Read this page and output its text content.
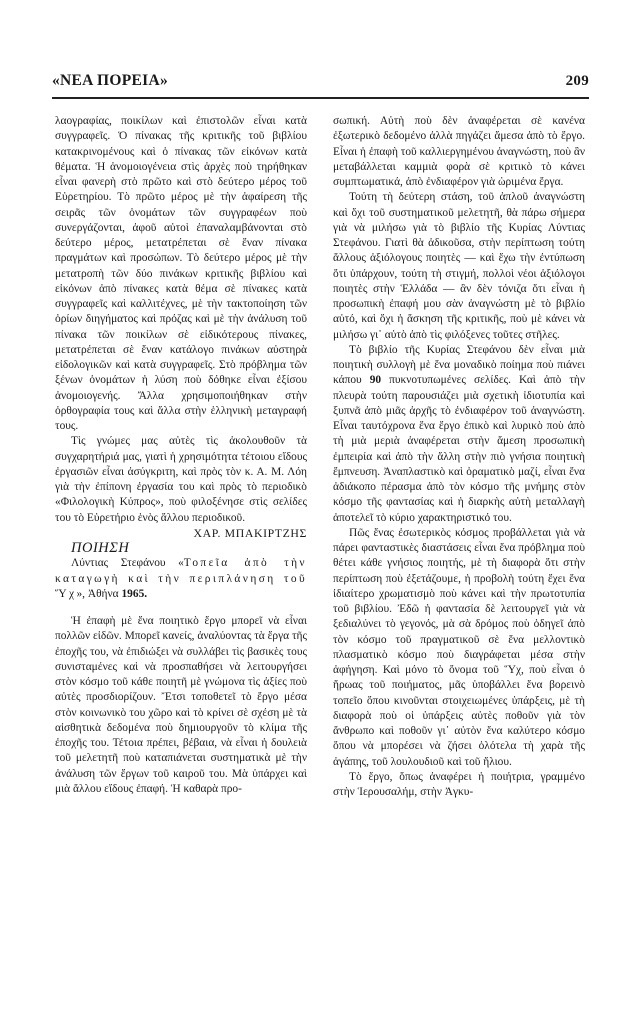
«ΝΕΑ ΠΟΡΕΙΑ»	209

λαογραφίας, ποικίλων καὶ ἐπιστολῶν εἶναι κατὰ συγγραφεῖς. Ὁ πίνακας τῆς κριτικῆς τοῦ βιβλίου κατακρινομένους καὶ ὁ πίνακας τῶν εἰκόνων κατὰ θέματα. Ἡ ἀνομοιογένεια στὶς ἀρχὲς ποὺ τηρήθηκαν εἶναι φανερὴ στὸ πρῶτο καὶ στὸ δεύτερο μέρος τοῦ Εὑρετηρίου. Τὸ πρῶτο μέρος μὲ τὴν ἀφαίρεση τῆς σειρᾶς τῶν ὀνομάτων τῶν συγγραφέων ποὺ συνεργάζονται, ἀφοῦ αὐτοὶ ἐπαναλαμβάνονται στὸ δεύτερο μέρος, μετατρέπεται σὲ ἕναν πίνακα πραγμάτων καὶ προσώπων. Τὸ δεύτερο μέρος μὲ τὴν μετατροπὴ τῶν δύο πινάκων κριτικῆς βιβλίου καὶ εἰκόνων ἀπὸ πίνακες κατὰ θέμα σὲ πίνακες κατὰ συγγραφεῖς καὶ καλλιτέχνες, μὲ τὴν τακτοποίηση τῶν ὁρίων διηγήματος καὶ πρόζας καὶ μὲ τὴν ἀνάλυση τοῦ πίνακα τῶν ποικίλων σὲ εἰδικότερους πίνακες, μετατρέπεται σὲ ἕναν κατάλογο πινάκων αὐστηρὰ εἰδολογικῶν καὶ κατὰ συγγραφεῖς. Στὸ πρόβλημα τῶν ξένων ὀνομάτων ἡ λύση ποὺ δόθηκε εἶναι ἐξίσου ἀνομοιογενής. Ἄλλα χρησιμοποιήθηκαν στὴν ὀρθογραφία τους καὶ ἄλλα στὴν ἑλληνικὴ μεταγραφή τους.

Τὶς γνώμες μας αὐτὲς τὶς ἀκολουθοῦν τὰ συγχαρητήριά μας, γιατὶ ἡ χρησιμότητα τέτοιου εἴδους ἐργασιῶν εἶναι ἀσύγκριτη, καὶ πρὸς τὸν κ. Α. Μ. Λόη γιὰ τὴν ἐπίπονη ἐργασία του καὶ πρὸς τὸ περιοδικὸ «Φιλολογικὴ Κύπρος», ποὺ φιλοξένησε στὶς σελίδες του τὸ Εὑρετήριο ἑνὸς ἄλλου περιοδικοῦ.

ΧΑΡ. ΜΠΑΚΙΡΤΖΗΣ

ΠΟΙΗΣΗ

Λύντιας Στεφάνου «Τοπεῖα ἀπὸ τὴν καταγωγὴ καὶ τὴν περιπλάνηση τοῦ Ὕχ», Ἀθήνα 1965.

Ἡ ἐπαφὴ μὲ ἕνα ποιητικὸ ἔργο μπορεῖ νὰ εἶναι πολλῶν εἰδῶν. Μπορεῖ κανείς, ἀναλύοντας τὰ ἔργα τῆς ἐποχῆς του, νὰ ἐπιδιώξει νὰ συλλάβει τὶς βασικὲς τους συνισταμένες καὶ νὰ προσπαθήσει νὰ λειτουργήσει στὸν κόσμο τοῦ κάθε ποιητῆ μὲ γνώμονα τὶς ἀξίες ποὺ αὐτὲς προσδιορίζουν. Ἔτσι τοποθετεῖ τὸ ἔργο μέσα στὸν κοινωνικὸ του χῶρο καὶ τὸ κρίνει σὲ σχέση μὲ τὰ αἰσθητικὰ δεδομένα ποὺ δημιουργοῦν τὸ κλίμα τῆς ἐποχῆς του. Τέτοια πρέπει, βέβαια, νὰ εἶναι ἡ δουλειὰ τοῦ μελετητῆ ποὺ καταπιάνεται συστηματικὰ μὲ τὴν ἀνάλυση τῶν ἔργων τοῦ καιροῦ του. Μὰ ὑπάρχει καὶ μιὰ ἄλλου εἴδους ἐπαφή. Ἡ καθαρὰ προ-

σωπική. Αὐτὴ ποὺ δὲν ἀναφέρεται σὲ κανένα ἐξωτερικὸ δεδομένο ἀλλὰ πηγάζει ἄμεσα ἀπὸ τὸ ἔργο. Εἶναι ἡ ἐπαφὴ τοῦ καλλιεργημένου ἀναγνώστη, ποὺ ἂν μεταβάλλεται καμμιὰ φορὰ σὲ κριτικὸ τὸ κάνει συμπτωματικά, ἀπὸ ἐνδιαφέρον γιὰ ὡριμένα ἔργα.

Τούτη τὴ δεύτερη στάση, τοῦ ἁπλοῦ ἀναγνώστη καὶ ὄχι τοῦ συστηματικοῦ μελετητῆ, θὰ πάρω σήμερα γιὰ νὰ μιλήσω γιὰ τὸ βιβλίο τῆς Κυρίας Λύντιας Στεφάνου. Γιατὶ θὰ ἀδικοῦσα, στὴν περίπτωση τούτη ἄλλους ἀξιόλογους ποιητὲς — καὶ ἔχω τὴν ἐντύπωση ὅτι ὑπάρχουν, τούτη τὴ στιγμή, πολλοὶ νέοι ἀξιόλογοι ποιητὲς στὴν Ἑλλάδα — ἂν δὲν τόνιζα ὅτι εἶναι ἡ προσωπικὴ ἐπαφή μου σὰν ἀναγνώστη μὲ τὸ βιβλίο αὐτό, καὶ ὄχι ἡ ἄσκηση τῆς κριτικῆς, ποὺ μὲ κάνει νὰ μιλήσω γι᾽ αὐτὸ ἀπὸ τὶς φιλόξενες τοῦτες στῆλες.

Τὸ βιβλίο τῆς Κυρίας Στεφάνου δὲν εἶναι μιὰ ποιητικὴ συλλογὴ μὲ ἕνα μοναδικὸ ποίημα ποὺ πιάνει κάπου 90 πυκνοτυπωμένες σελίδες. Καὶ ἀπὸ τὴν πλευρὰ τούτη παρουσιάζει μιὰ σχετικὴ ἰδιοτυπία καὶ ξυπνᾶ ἀπὸ μιᾶς ἀρχῆς τὸ ἐνδιαφέρον τοῦ ἀναγνώστη. Εἶναι ταυτόχρονα ἕνα ἔργο ἐπικὸ καὶ λυρικὸ ποὺ ἀπὸ τὴ μιὰ μεριὰ ἀναφέρεται στὴν ἄμεση προσωπικὴ ἐμπειρία καὶ ἀπὸ τὴν ἄλλη στὴν πιὸ γνήσια ποιητικὴ ἔμπνευση. Ἀναπλαστικὸ καὶ ὁραματικὸ μαζί, εἶναι ἕνα ἀδιάκοπο πέρασμα ἀπὸ τὸν κόσμο τῆς μνήμης στὸν κόσμο τῆς φαντασίας καὶ ἡ διαρκὴς αὐτὴ μεταλλαγὴ ἀποτελεῖ τὸ κύριο χαρακτηριστικό του.

Πῶς ἕνας ἐσωτερικὸς κόσμος προβάλλεται γιὰ νὰ πάρει φανταστικὲς διαστάσεις εἶναι ἕνα πρόβλημα ποὺ θέτει κάθε γνήσιος ποιητής, μὲ τὴ διαφορὰ ὅτι στὴν περίπτωση ποὺ ἐξετάζουμε, ἡ προβολὴ τούτη ἔχει ἕνα ἰδιαίτερο χρωματισμὸ ποὺ κάνει καὶ τὴν πρωτοτυπία τοῦ βιβλίου. Ἐδῶ ἡ φαντασία δὲ λειτουργεῖ γιὰ νὰ ξεδιαλύνει τὸ γεγονός, μὰ σὰ δρόμος ποὺ ὁδηγεῖ ἀπὸ τὸν κόσμο τοῦ πραγματικοῦ σὲ ἕνα μελλοντικὸ πλασματικὸ κόσμο ποὺ διαγράφεται μέσα στὴν ἀφήγηση. Καὶ μόνο τὸ ὄνομα τοῦ Ὕχ, ποὺ εἶναι ὁ ἥρωας τοῦ ποιήματος, μᾶς ὑποβάλλει ἕνα βορεινὸ τοπεῖο ὅπου κινοῦνται στοιχειωμένες ὑπάρξεις, μὲ τὴ διαφορὰ ποὺ οἱ ὑπάρξεις αὐτὲς ποθοῦν γιὰ τὸν ἄνθρωπο καὶ ποθοῦν γι᾽ αὐτὸν ἕνα καλύτερο κόσμο ὅπου νὰ μπορέσει νὰ ζήσει ὁλότελα τὴ χαρὰ τῆς ἀγάπης, τοῦ λουλουδιοῦ καὶ τοῦ ἥλιου.

Τὸ ἔργο, ὅπως ἀναφέρει ἡ ποιήτρια, γραμμένο στὴν Ἱερουσαλήμ, στὴν Ἀγκυ-
